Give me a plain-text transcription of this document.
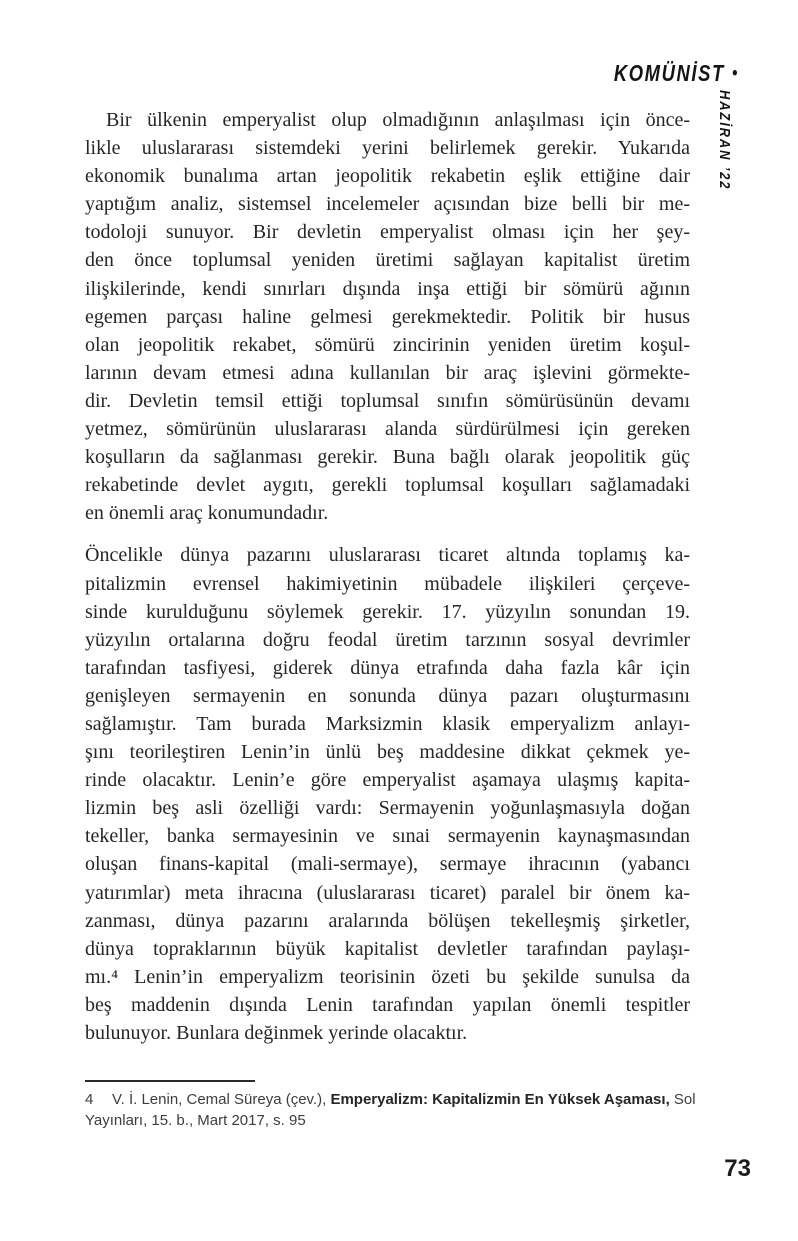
KOMÜNİST •
HAZİRAN ’22
Bir ülkenin emperyalist olup olmadığının anlaşılması için önce-
likle uluslararası sistemdeki yerini belirlemek gerekir. Yukarıda
ekonomik bunalıma artan jeopolitik rekabetin eşlik ettiğine dair
yaptığım analiz, sistemsel incelemeler açısından bize belli bir me-
todoloji sunuyor. Bir devletin emperyalist olması için her şey-
den önce toplumsal yeniden üretimi sağlayan kapitalist üretim
ilişkilerinde, kendi sınırları dışında inşa ettiği bir sömürü ağının
egemen parçası haline gelmesi gerekmektedir. Politik bir husus
olan jeopolitik rekabet, sömürü zincirinin yeniden üretim koşul-
larının devam etmesi adına kullanılan bir araç işlevini görmekte-
dir. Devletin temsil ettiği toplumsal sınıfın sömürüsünün devamı
yetmez, sömürünün uluslararası alanda sürdürülmesi için gereken
koşulların da sağlanması gerekir. Buna bağlı olarak jeopolitik güç
rekabetinde devlet aygıtı, gerekli toplumsal koşulları sağlamadaki
en önemli araç konumundadır.
Öncelikle dünya pazarını uluslararası ticaret altında toplamış ka-
pitalizmin evrensel hakimiyetinin mübadele ilişkileri çerçeve-
sinde kurulduğunu söylemek gerekir. 17. yüzyılın sonundan 19.
yüzyılın ortalarına doğru feodal üretim tarzının sosyal devrimler
tarafından tasfiyesi, giderek dünya etrafında daha fazla kâr için
genişleyen sermayenin en sonunda dünya pazarı oluşturmasını
sağlamıştır. Tam burada Marksizmin klasik emperyalizm anlayı-
şını teorileştiren Lenin’in ünlü beş maddesine dikkat çekmek ye-
rinde olacaktır. Lenin’e göre emperyalist aşamaya ulaşmış kapita-
lizmin beş asli özelliği vardı: Sermayenin yoğunlaşmasıyla doğan
tekeller, banka sermayesinin ve sınai sermayenin kaynaşmasından
oluşan finans-kapital (mali-sermaye), sermaye ihracının (yabancı
yatırımlar) meta ihracına (uluslararası ticaret) paralel bir önem ka-
zanması, dünya pazarını aralarında bölüşen tekelleşmiş şirketler,
dünya topraklarının büyük kapitalist devletler tarafından paylaşı-
mı.⁴ Lenin’in emperyalizm teorisinin özeti bu şekilde sunulsa da
beş maddenin dışında Lenin tarafından yapılan önemli tespitler
bulunuyor. Bunlara değinmek yerinde olacaktır.
4 V. İ. Lenin, Cemal Süreya (çev.), Emperyalizm: Kapitalizmin En Yüksek Aşaması, Sol Yayınları, 15. b., Mart 2017, s. 95
73
